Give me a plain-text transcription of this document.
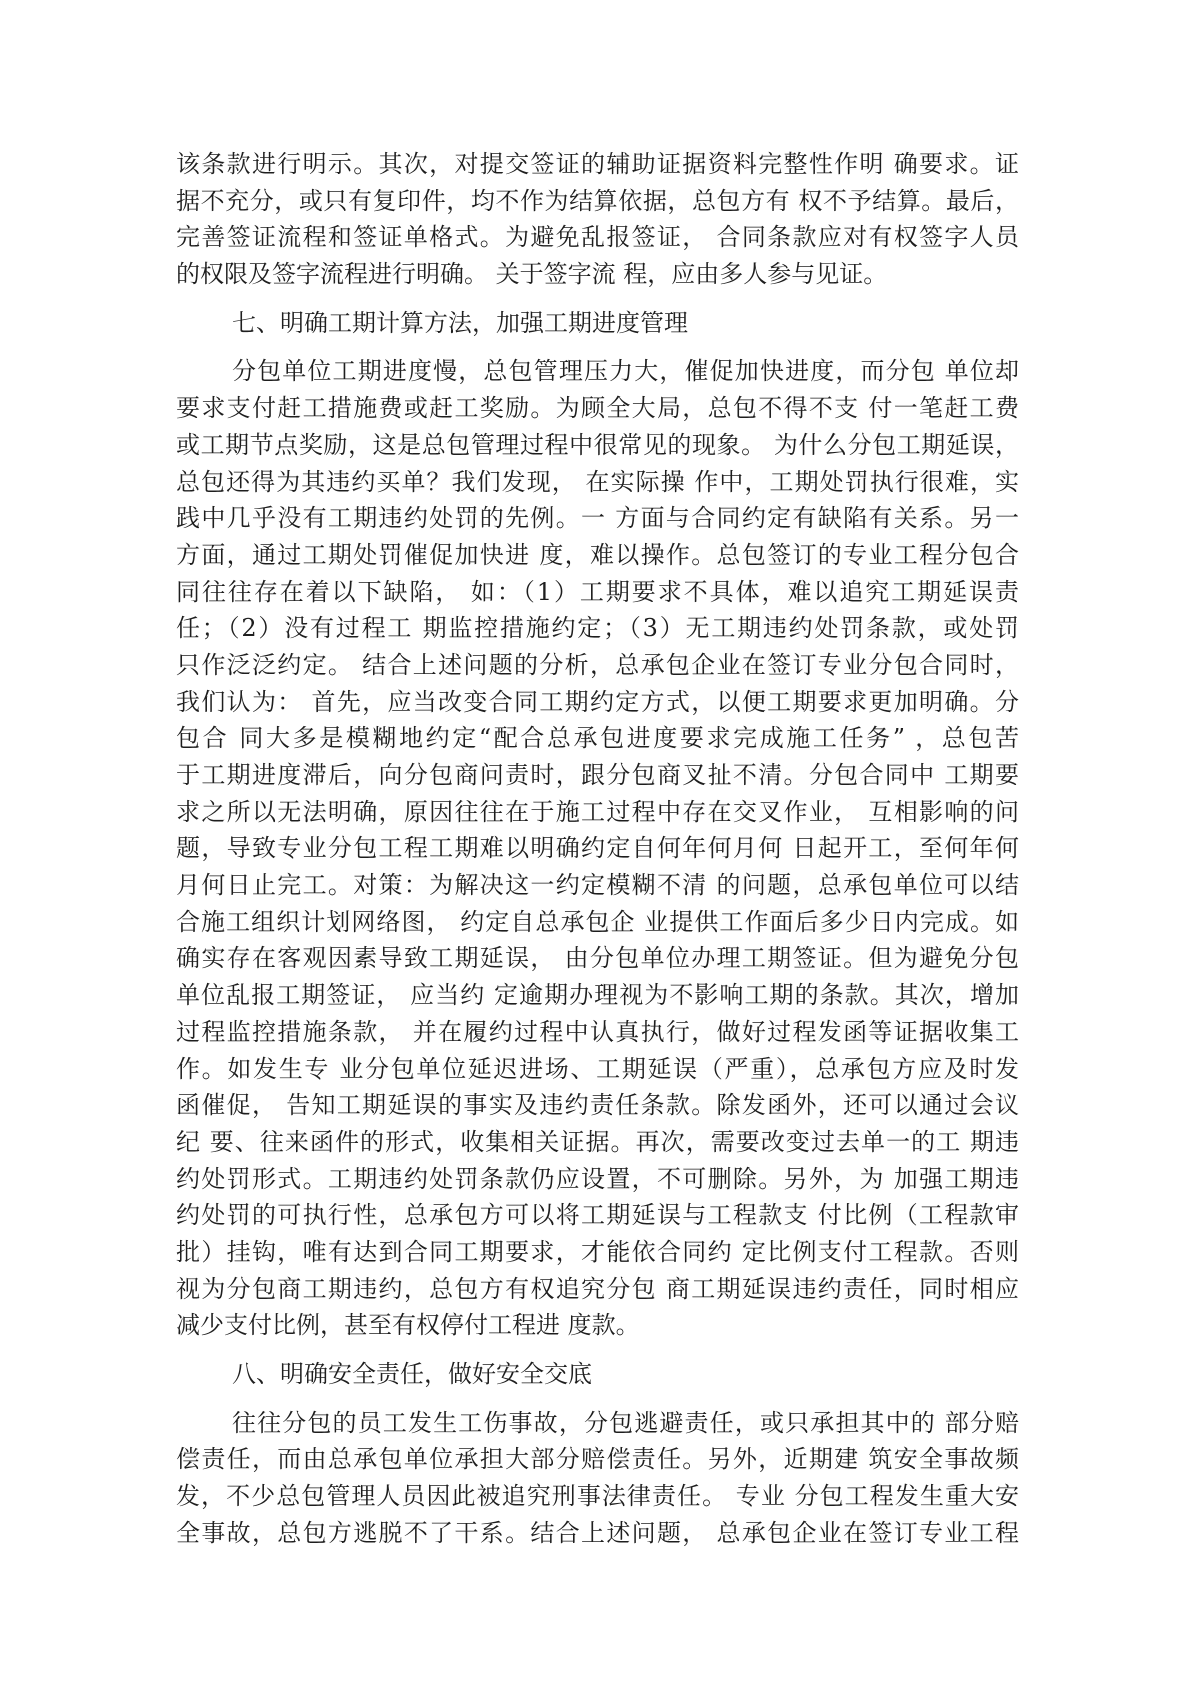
该条款进行明示。其次，对提交签证的辅助证据资料完整性作明 确要求。证
据不充分，或只有复印件，均不作为结算依据，总包方有 权不予结算。最后，
完善签证流程和签证单格式。为避免乱报签证， 合同条款应对有权签字人员
的权限及签字流程进行明确。 关于签字流 程，应由多人参与见证。
七、明确工期计算方法，加强工期进度管理
分包单位工期进度慢，总包管理压力大，催促加快进度，而分包 单位却
要求支付赶工措施费或赶工奖励。为顾全大局，总包不得不支 付一笔赶工费
或工期节点奖励，这是总包管理过程中很常见的现象。 为什么分包工期延误，
总包还得为其违约买单？我们发现， 在实际操 作中，工期处罚执行很难，实
践中几乎没有工期违约处罚的先例。一 方面与合同约定有缺陷有关系。另一
方面，通过工期处罚催促加快进 度，难以操作。总包签订的专业工程分包合
同往往存在着以下缺陷， 如：（1）工期要求不具体，难以追究工期延误责
任；（2）没有过程工 期监控措施约定；（3）无工期违约处罚条款，或处罚
只作泛泛约定。 结合上述问题的分析，总承包企业在签订专业分包合同时，
我们认为： 首先，应当改变合同工期约定方式，以便工期要求更加明确。分
包合 同大多是模糊地约定“配合总承包进度要求完成施工任务” ，总包苦
于工期进度滞后，向分包商问责时，跟分包商叉扯不清。分包合同中 工期要
求之所以无法明确，原因往往在于施工过程中存在交叉作业， 互相影响的问
题，导致专业分包工程工期难以明确约定自何年何月何 日起开工，至何年何
月何日止完工。对策：为解决这一约定模糊不清 的问题，总承包单位可以结
合施工组织计划网络图， 约定自总承包企 业提供工作面后多少日内完成。如
确实存在客观因素导致工期延误， 由分包单位办理工期签证。但为避免分包
单位乱报工期签证， 应当约 定逾期办理视为不影响工期的条款。其次，增加
过程监控措施条款， 并在履约过程中认真执行，做好过程发函等证据收集工
作。如发生专 业分包单位延迟进场、工期延误（严重），总承包方应及时发
函催促， 告知工期延误的事实及违约责任条款。除发函外，还可以通过会议
纪 要、往来函件的形式，收集相关证据。再次，需要改变过去单一的工 期违
约处罚形式。工期违约处罚条款仍应设置，不可删除。另外，为 加强工期违
约处罚的可执行性，总承包方可以将工期延误与工程款支 付比例（工程款审
批）挂钩，唯有达到合同工期要求，才能依合同约 定比例支付工程款。否则
视为分包商工期违约，总包方有权追究分包 商工期延误违约责任，同时相应
减少支付比例，甚至有权停付工程进 度款。
八、明确安全责任，做好安全交底
往往分包的员工发生工伤事故，分包逃避责任，或只承担其中的 部分赔
偿责任，而由总承包单位承担大部分赔偿责任。另外，近期建 筑安全事故频
发，不少总包管理人员因此被追究刑事法律责任。 专业 分包工程发生重大安
全事故，总包方逃脱不了干系。结合上述问题， 总承包企业在签订专业工程
